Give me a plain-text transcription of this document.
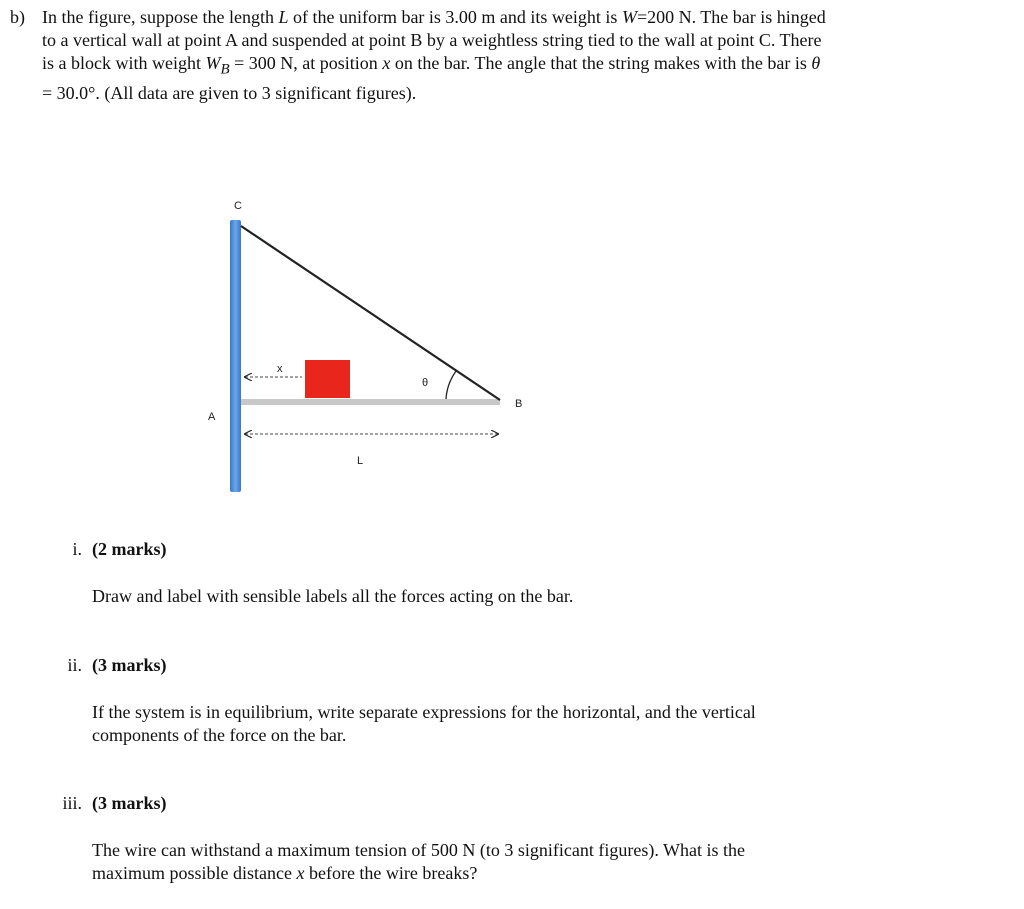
b) In the figure, suppose the length L of the uniform bar is 3.00 m and its weight is W=200 N. The bar is hinged to a vertical wall at point A and suspended at point B by a weightless string tied to the wall at point C. There is a block with weight $W_B = 300$ N, at position x on the bar. The angle that the string makes with the bar is θ = 30.0°. (All data are given to 3 significant figures).

C
A
B
x
L
θ
i. (2 marks)
Draw and label with sensible labels all the forces acting on the bar.
ii. (3 marks)
If the system is in equilibrium, write separate expressions for the horizontal, and the vertical components of the force on the bar.
iii. (3 marks)
The wire can withstand a maximum tension of 500 N (to 3 significant figures). What is the maximum possible distance x before the wire breaks?
